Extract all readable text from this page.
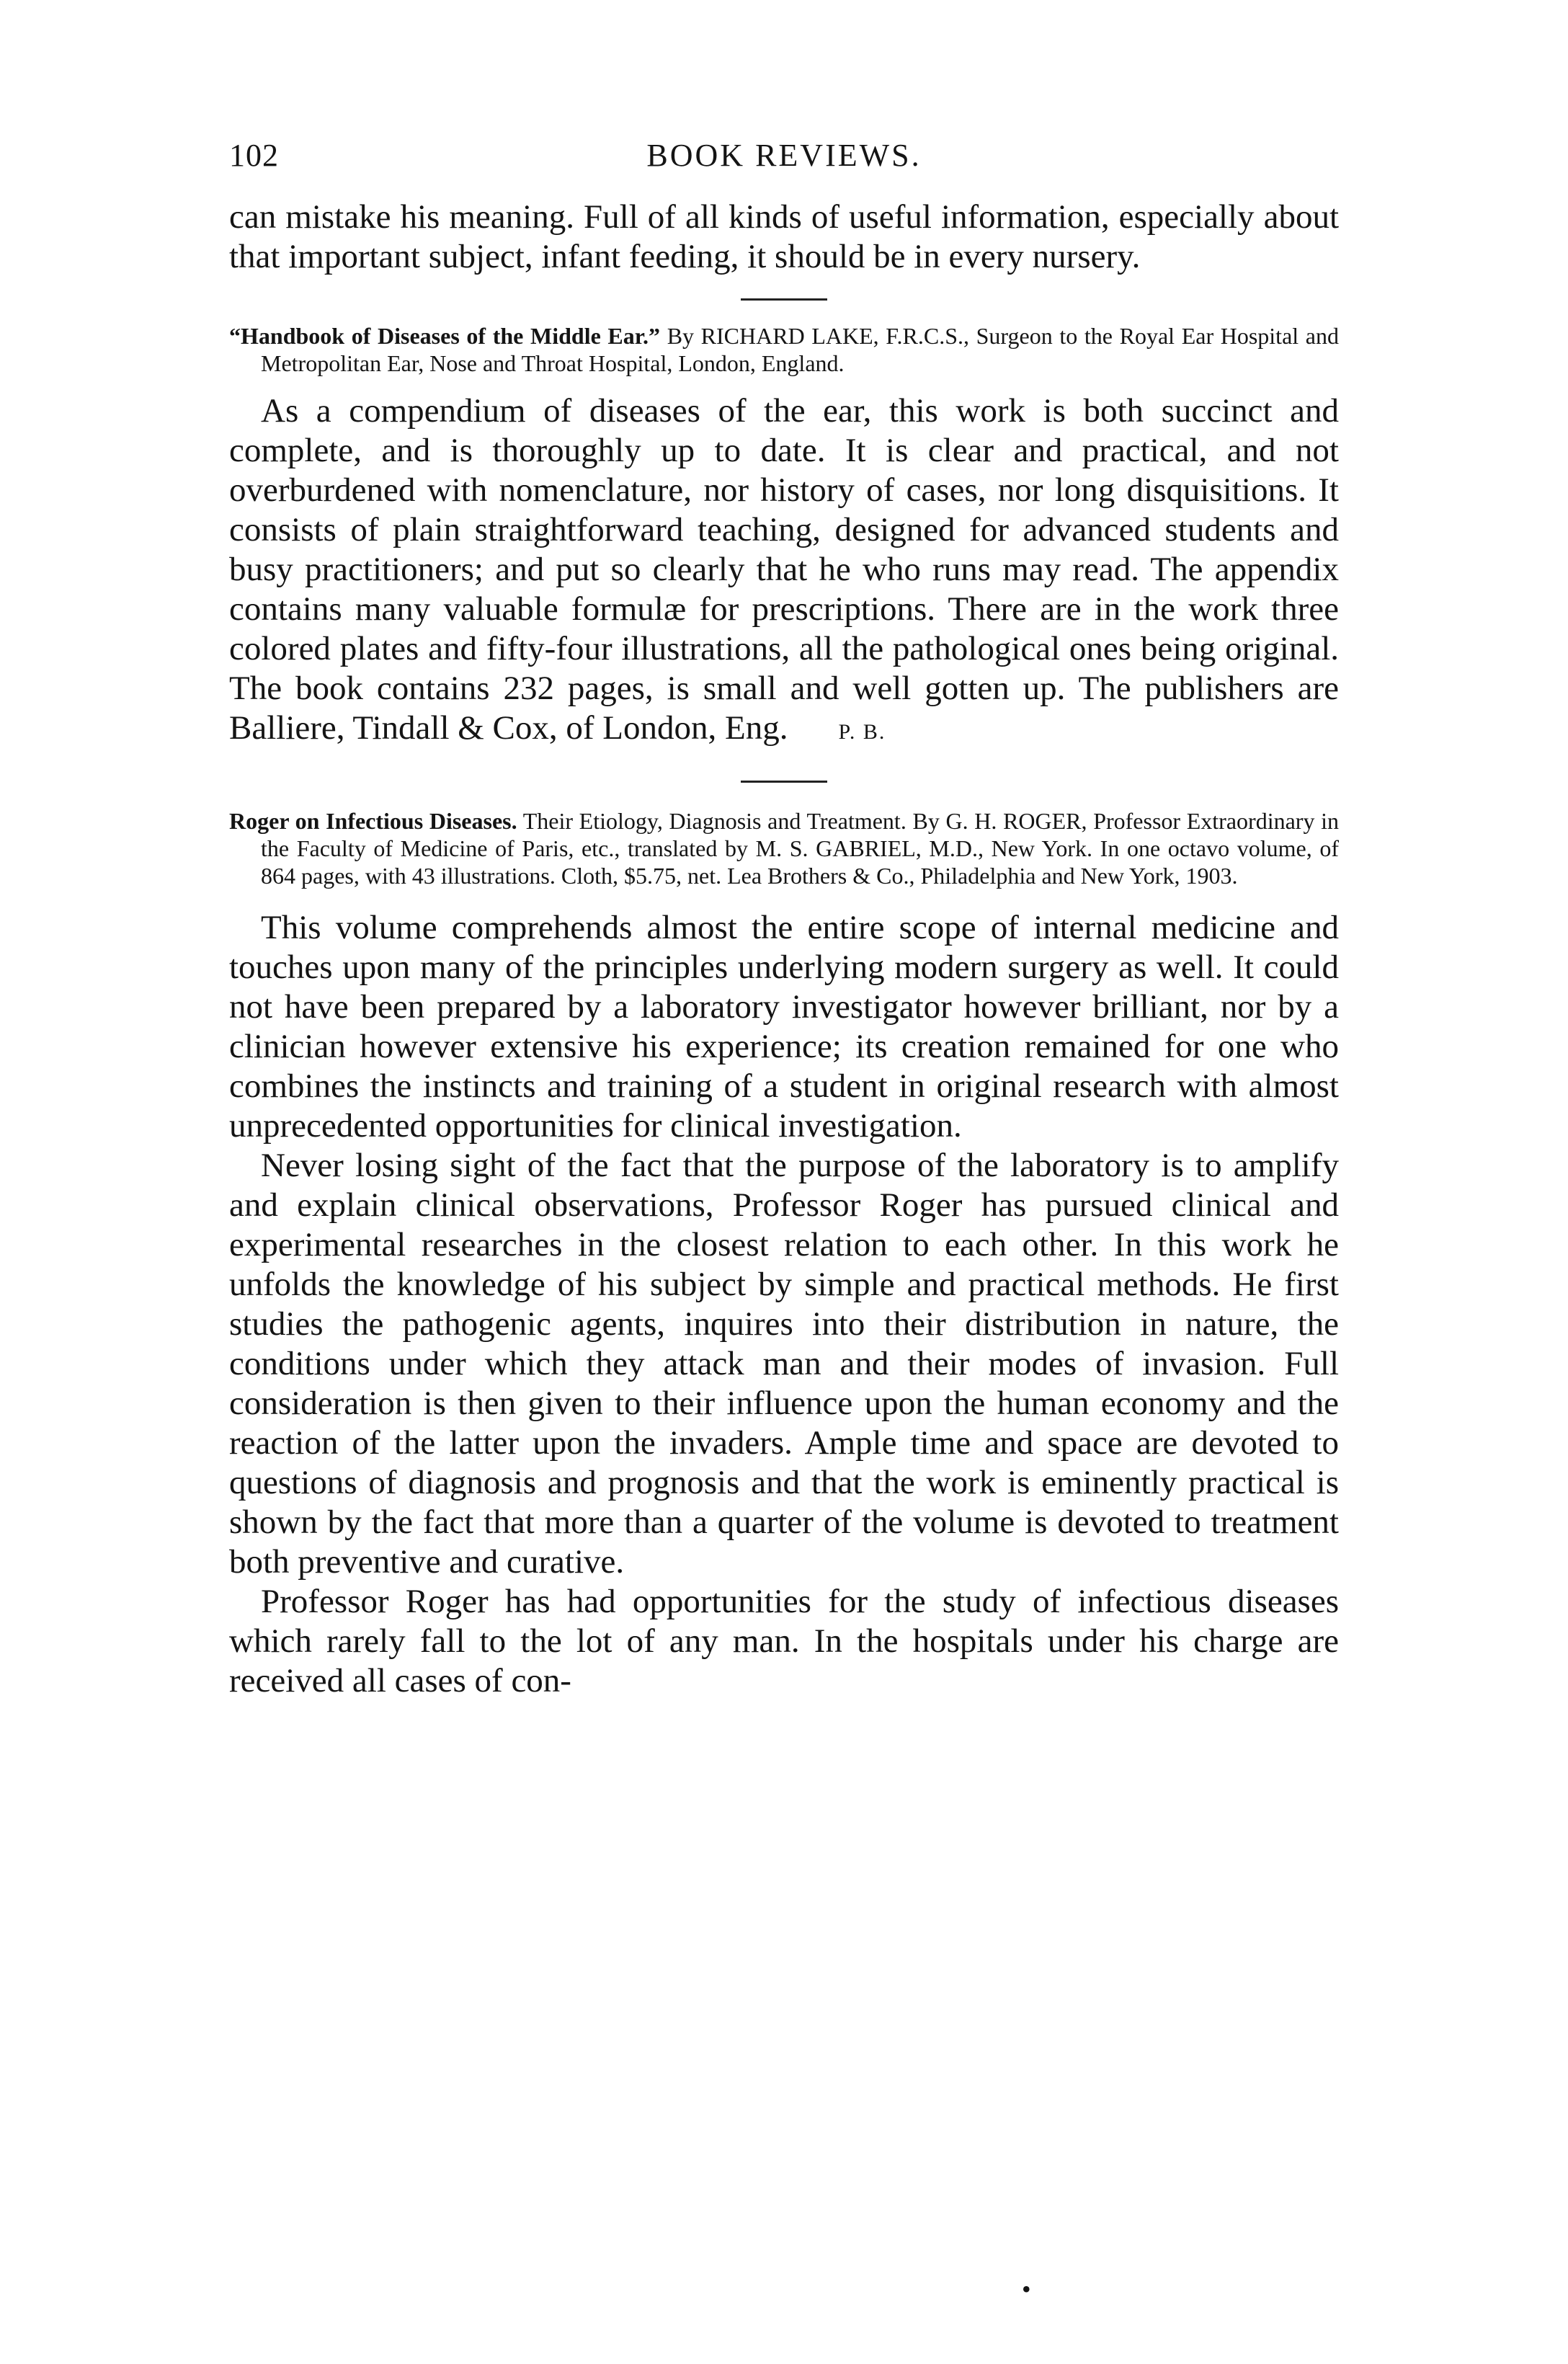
102	BOOK REVIEWS.

can mistake his meaning. Full of all kinds of useful information, especially about that important subject, infant feeding, it should be in every nursery.

“Handbook of Diseases of the Middle Ear.” By RICHARD LAKE, F.R.C.S., Surgeon to the Royal Ear Hospital and Metropolitan Ear, Nose and Throat Hospital, London, England.

As a compendium of diseases of the ear, this work is both succinct and complete, and is thoroughly up to date. It is clear and practical, and not overburdened with nomenclature, nor history of cases, nor long disquisitions. It consists of plain straightforward teaching, designed for advanced students and busy practitioners; and put so clearly that he who runs may read. The appendix contains many valuable formulæ for prescriptions. There are in the work three colored plates and fifty-four illustrations, all the pathological ones being original. The book contains 232 pages, is small and well gotten up. The publishers are Balliere, Tindall & Cox, of London, Eng. P. B.

Roger on Infectious Diseases. Their Etiology, Diagnosis and Treatment. By G. H. ROGER, Professor Extraordinary in the Faculty of Medicine of Paris, etc., translated by M. S. GABRIEL, M.D., New York. In one octavo volume, of 864 pages, with 43 illustrations. Cloth, $5.75, net. Lea Brothers & Co., Philadelphia and New York, 1903.

This volume comprehends almost the entire scope of internal medicine and touches upon many of the principles underlying modern surgery as well. It could not have been prepared by a laboratory investigator however brilliant, nor by a clinician however extensive his experience; its creation remained for one who combines the instincts and training of a student in original research with almost unprecedented opportunities for clinical investigation.

Never losing sight of the fact that the purpose of the laboratory is to amplify and explain clinical observations, Professor Roger has pursued clinical and experimental researches in the closest relation to each other. In this work he unfolds the knowledge of his subject by simple and practical methods. He first studies the pathogenic agents, inquires into their distribution in nature, the conditions under which they attack man and their modes of invasion. Full consideration is then given to their influence upon the human economy and the reaction of the latter upon the invaders. Ample time and space are devoted to questions of diagnosis and prognosis and that the work is eminently practical is shown by the fact that more than a quarter of the volume is devoted to treatment both preventive and curative.

Professor Roger has had opportunities for the study of infectious diseases which rarely fall to the lot of any man. In the hospitals under his charge are received all cases of con-

•
